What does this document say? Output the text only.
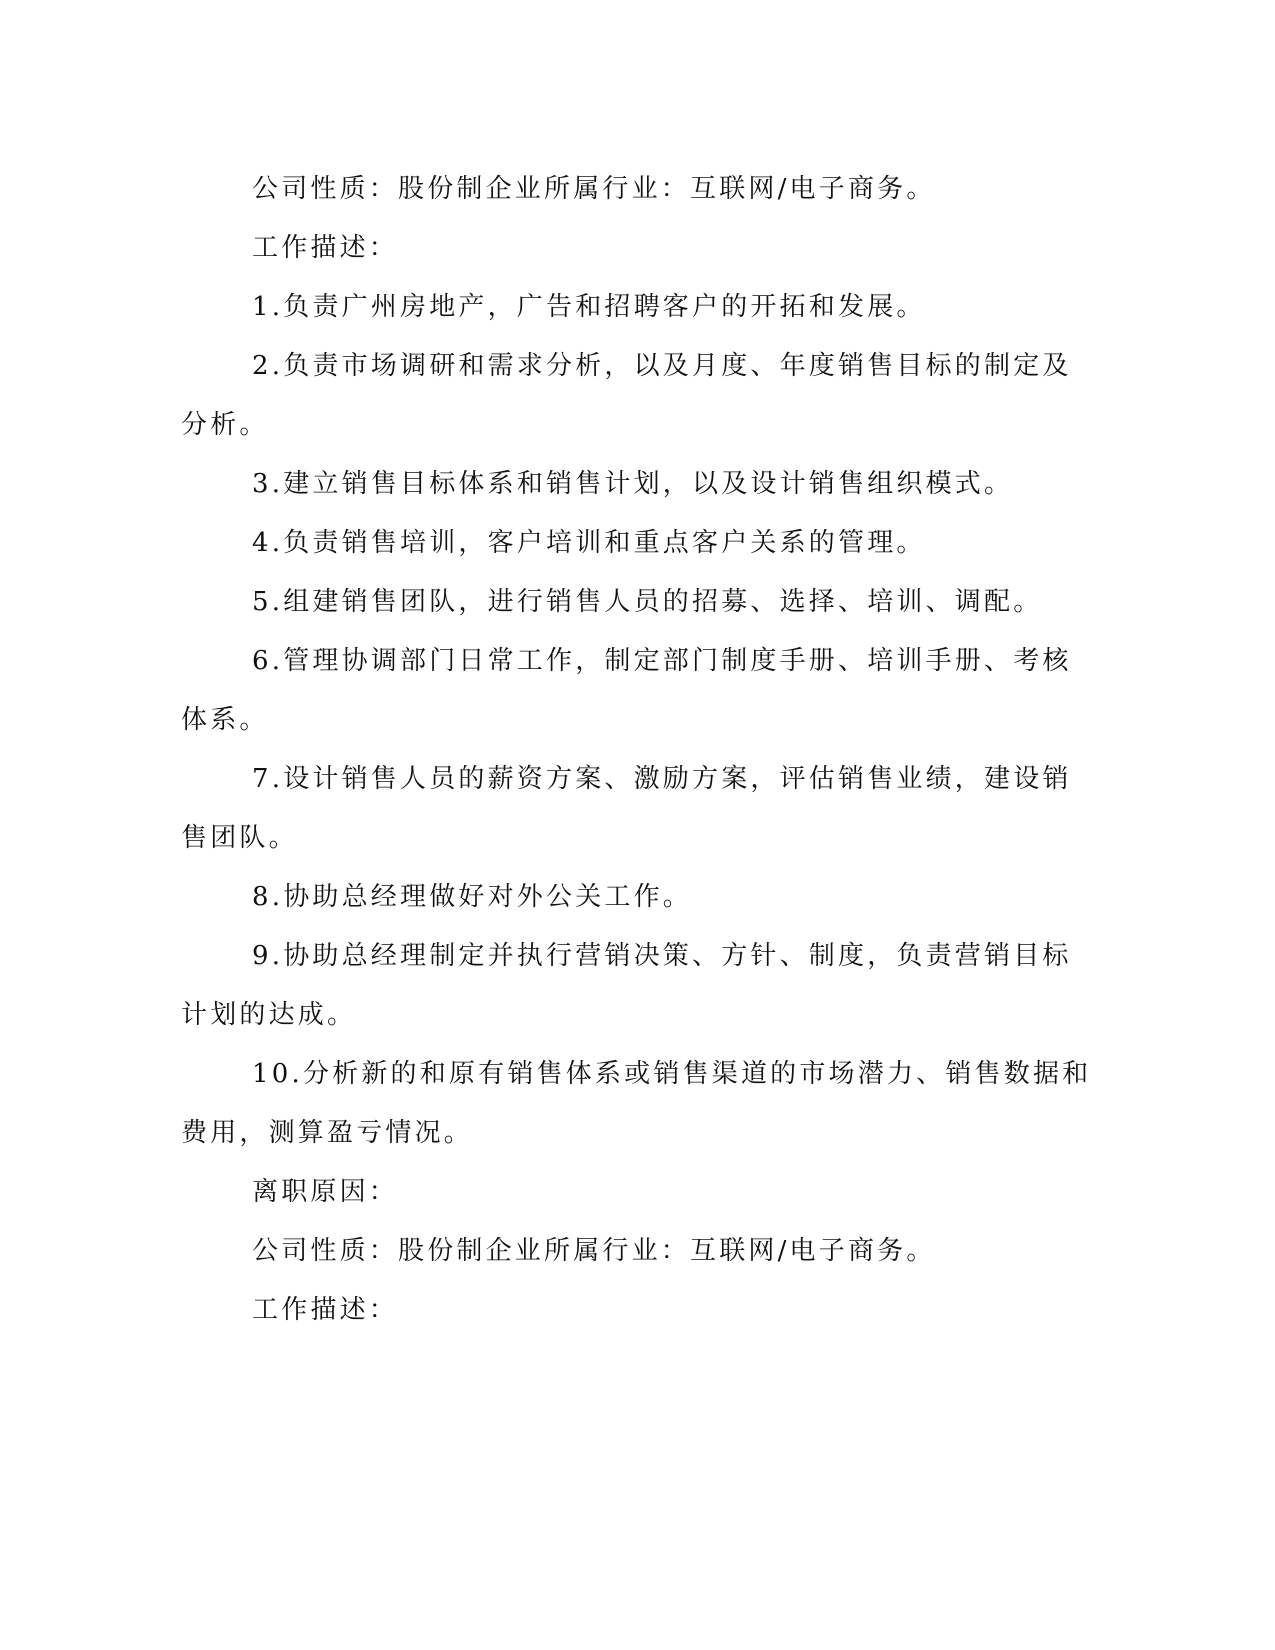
公司性质：股份制企业所属行业：互联网/电子商务。

工作描述：

1.负责广州房地产，广告和招聘客户的开拓和发展。

2.负责市场调研和需求分析，以及月度、年度销售目标的制定及

分析。

3.建立销售目标体系和销售计划，以及设计销售组织模式。

4.负责销售培训，客户培训和重点客户关系的管理。

5.组建销售团队，进行销售人员的招募、选择、培训、调配。

6.管理协调部门日常工作，制定部门制度手册、培训手册、考核

体系。

7.设计销售人员的薪资方案、激励方案，评估销售业绩，建设销

售团队。

8.协助总经理做好对外公关工作。

9.协助总经理制定并执行营销决策、方针、制度，负责营销目标

计划的达成。

10.分析新的和原有销售体系或销售渠道的市场潜力、销售数据和

费用，测算盈亏情况。

离职原因：

公司性质：股份制企业所属行业：互联网/电子商务。

工作描述：
